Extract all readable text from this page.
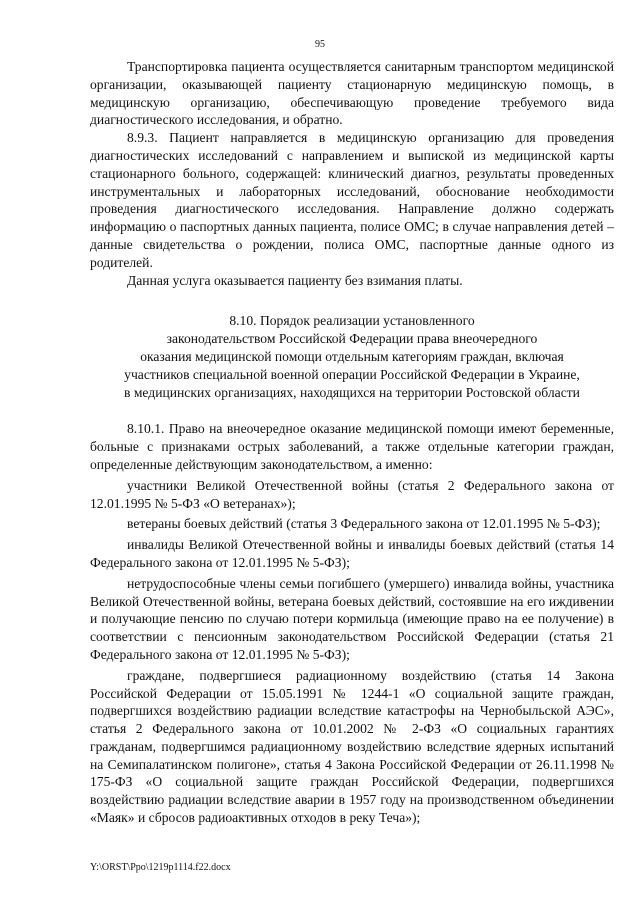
95

Транспортировка пациента осуществляется санитарным транспортом медицинской организации, оказывающей пациенту стационарную медицинскую помощь, в медицинскую организацию, обеспечивающую проведение требуемого вида диагностического исследования, и обратно.

8.9.3. Пациент направляется в медицинскую организацию для проведения диагностических исследований с направлением и выпиской из медицинской карты стационарного больного, содержащей: клинический диагноз, результаты проведенных инструментальных и лабораторных исследований, обоснование необходимости проведения диагностического исследования. Направление должно содержать информацию о паспортных данных пациента, полисе ОМС; в случае направления детей – данные свидетельства о рождении, полиса ОМС, паспортные данные одного из родителей.

Данная услуга оказывается пациенту без взимания платы.

8.10. Порядок реализации установленного
законодательством Российской Федерации права внеочередного
оказания медицинской помощи отдельным категориям граждан, включая
участников специальной военной операции Российской Федерации в Украине,
в медицинских организациях, находящихся на территории Ростовской области

8.10.1. Право на внеочередное оказание медицинской помощи имеют беременные, больные с признаками острых заболеваний, а также отдельные категории граждан, определенные действующим законодательством, а именно:

участники Великой Отечественной войны (статья 2 Федерального закона от 12.01.1995 № 5-ФЗ «О ветеранах»);

ветераны боевых действий (статья 3 Федерального закона от 12.01.1995 № 5-ФЗ);

инвалиды Великой Отечественной войны и инвалиды боевых действий (статья 14 Федерального закона от 12.01.1995 № 5-ФЗ);

нетрудоспособные члены семьи погибшего (умершего) инвалида войны, участника Великой Отечественной войны, ветерана боевых действий, состоявшие на его иждивении и получающие пенсию по случаю потери кормильца (имеющие право на ее получение) в соответствии с пенсионным законодательством Российской Федерации (статья 21 Федерального закона от 12.01.1995 № 5-ФЗ);

граждане, подвергшиеся радиационному воздействию (статья 14 Закона Российской Федерации от 15.05.1991 № 1244-1 «О социальной защите граждан, подвергшихся воздействию радиации вследствие катастрофы на Чернобыльской АЭС», статья 2 Федерального закона от 10.01.2002 № 2-ФЗ «О социальных гарантиях гражданам, подвергшимся радиационному воздействию вследствие ядерных испытаний на Семипалатинском полигоне», статья 4 Закона Российской Федерации от 26.11.1998 № 175-ФЗ «О социальной защите граждан Российской Федерации, подвергшихся воздействию радиации вследствие аварии в 1957 году на производственном объединении «Маяк» и сбросов радиоактивных отходов в реку Теча»);

Y:\ORST\Ppo\1219p1114.f22.docx
